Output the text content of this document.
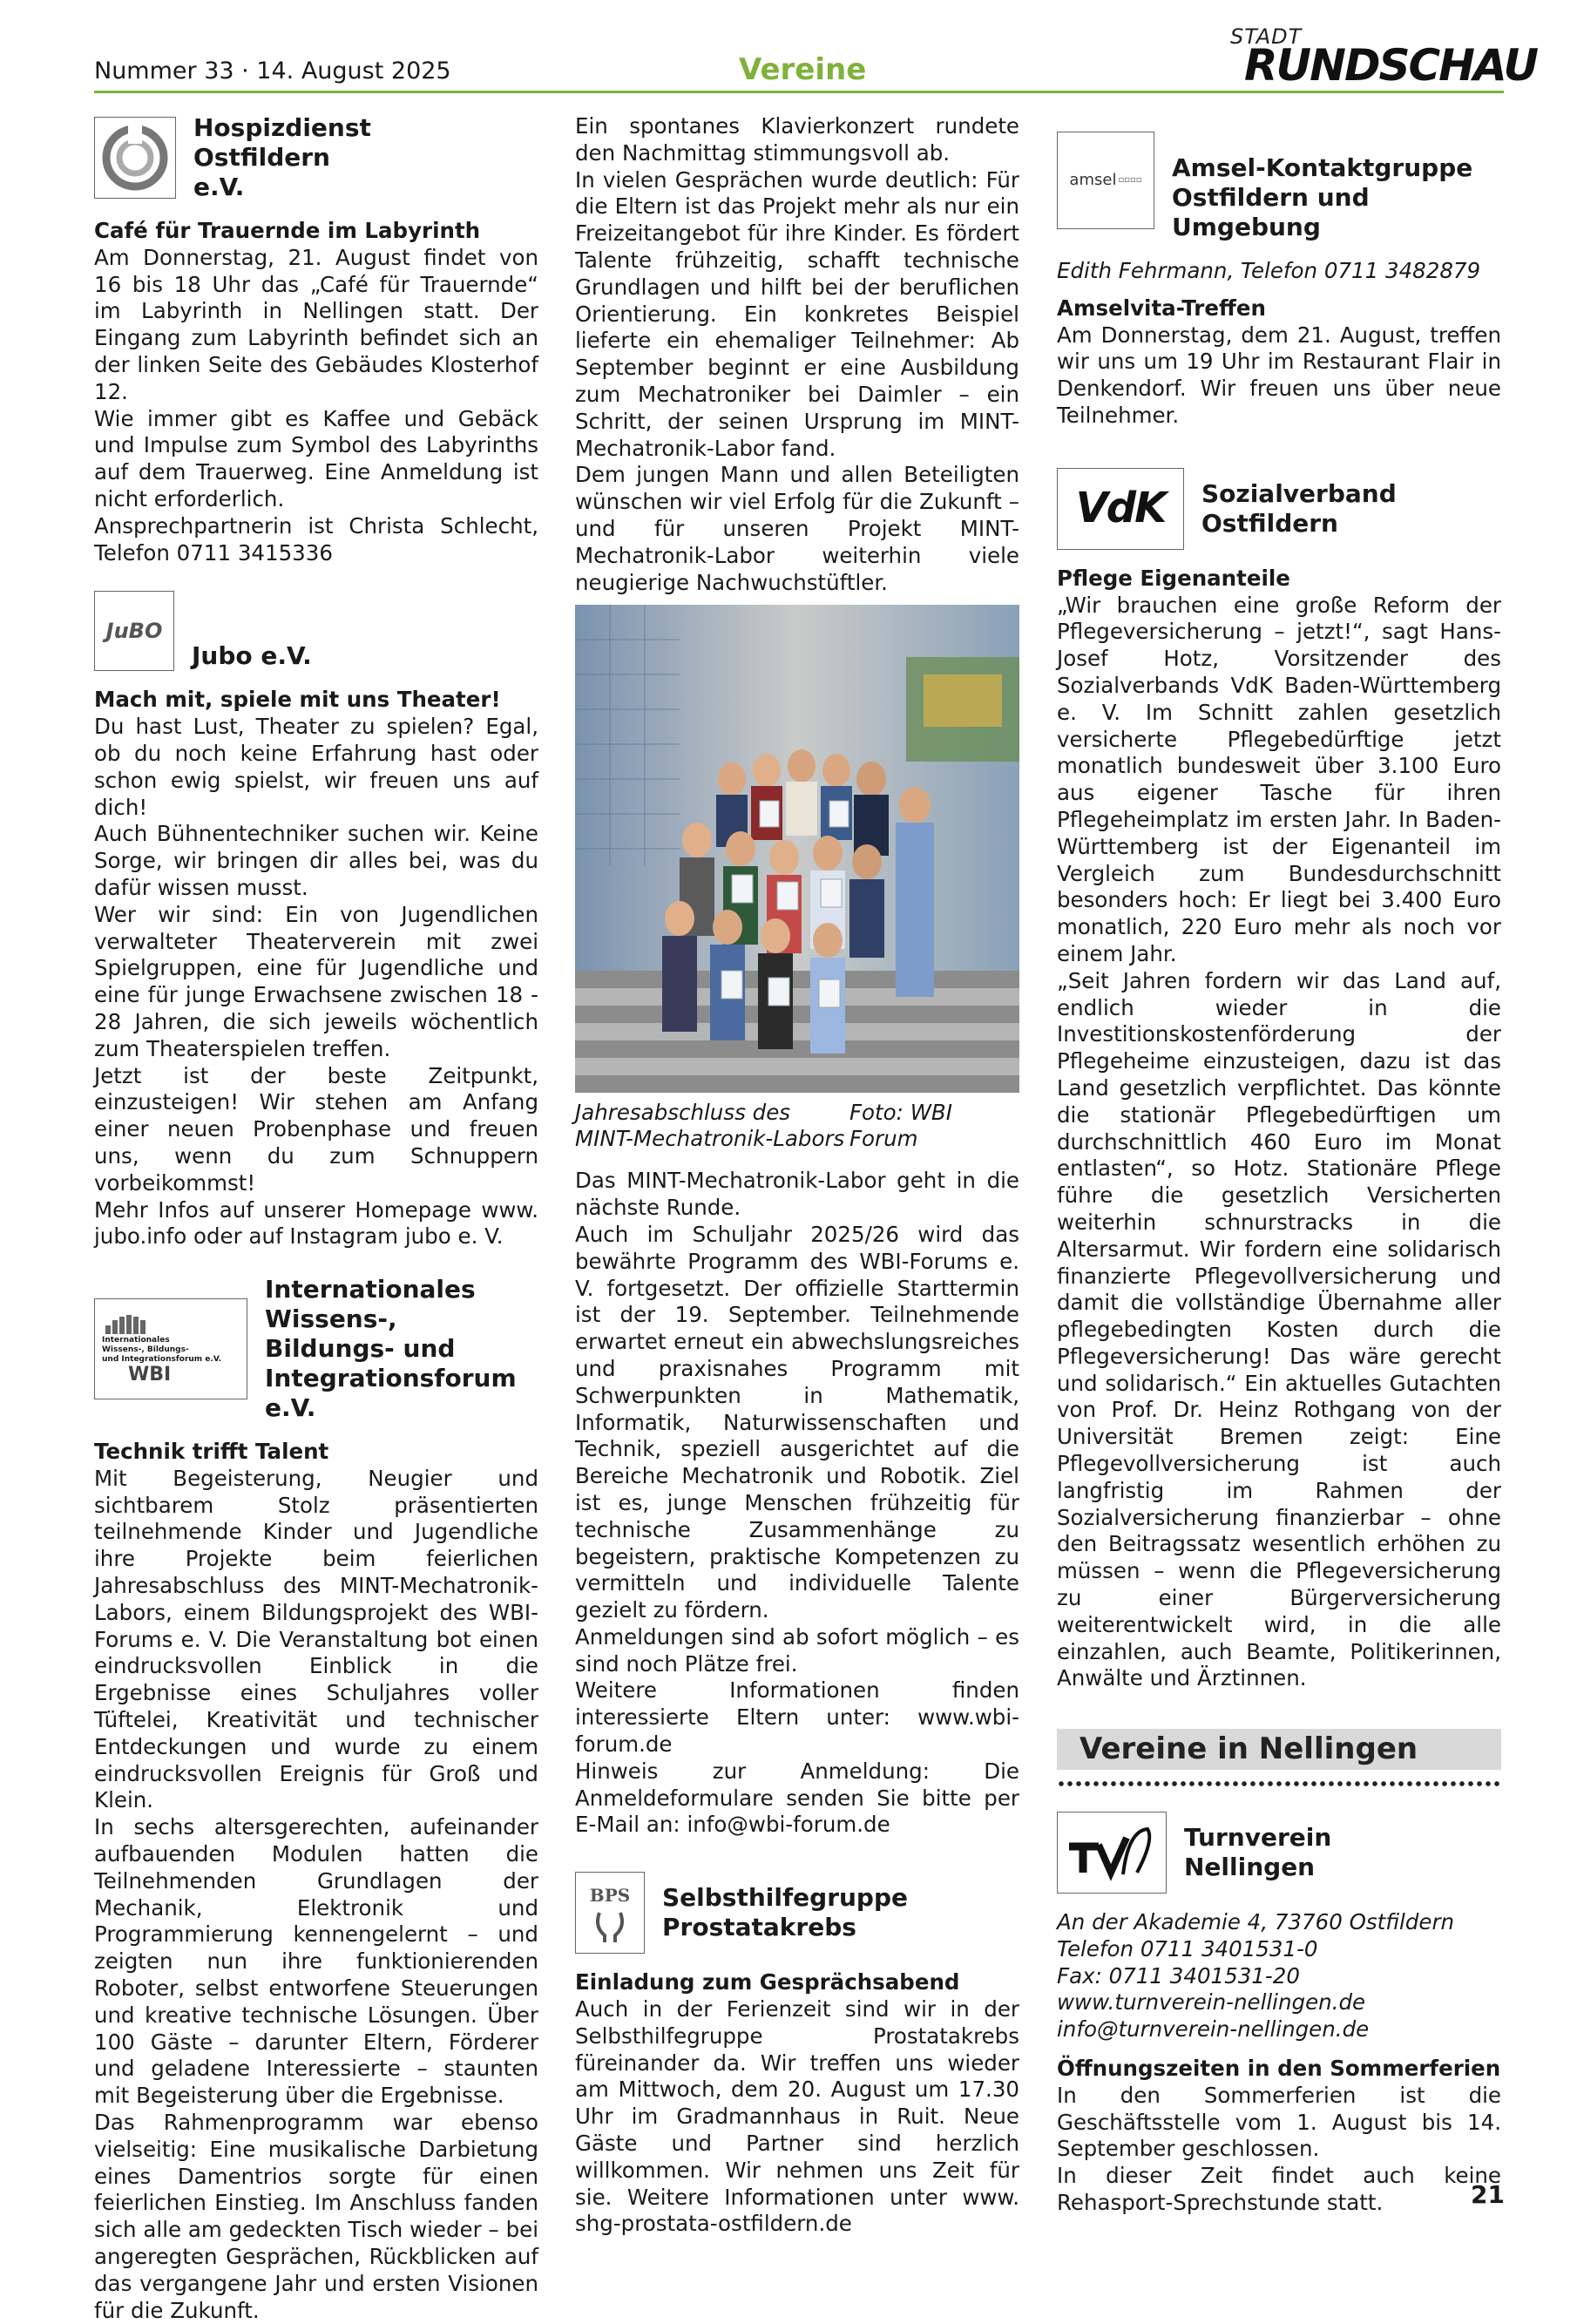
Nummer 33 · 14. August 2025	Vereine
STADT
RUNDSCHAU
Hospizdienst Ostfildern e.V.
Café für Trauernde im Labyrinth

Am Donnerstag, 21. August findet von 16 bis 18 Uhr das „Café für Trauernde“ im Labyrinth in Nellingen statt. Der Eingang zum Labyrinth befindet sich an der linken Seite des Gebäudes Klosterhof 12.

Wie immer gibt es Kaffee und Gebäck und Impulse zum Symbol des Labyrinths auf dem Trauerweg. Eine Anmeldung ist nicht erforderlich.

Ansprechpartnerin ist Christa Schlecht, Telefon 0711 3415336

JuBO
Jubo e.V.
Mach mit, spiele mit uns Theater!

Du hast Lust, Theater zu spielen? Egal, ob du noch keine Erfahrung hast oder schon ewig spielst, wir freuen uns auf dich!

Auch Bühnentechniker suchen wir. Keine Sorge, wir bringen dir alles bei, was du dafür wissen musst.

Wer wir sind: Ein von Jugendlichen verwalteter Theaterverein mit zwei Spielgruppen, eine für Jugendliche und eine für junge Erwachsene zwischen 18 - 28 Jahren, die sich jeweils wöchentlich zum Theaterspielen treffen.

Jetzt ist der beste Zeitpunkt, einzusteigen! Wir stehen am Anfang einer neuen Probenphase und freuen uns, wenn du zum Schnuppern vorbeikommst!

Mehr Infos auf unserer Homepage www. jubo.info oder auf Instagram jubo e. V.

Internationales
Wissens-, Bildungs-
und Integrationsforum e.V.
WBI
Internationales Wissens-, Bildungs- und Integrationsforum e.V.
Technik trifft Talent

Mit Begeisterung, Neugier und sichtbarem Stolz präsentierten teilnehmende Kinder und Jugendliche ihre Projekte beim feierlichen Jahresabschluss des MINT-Mechatronik-Labors, einem Bildungsprojekt des WBI-Forums e. V. Die Veranstaltung bot einen eindrucksvollen Einblick in die Ergebnisse eines Schuljahres voller Tüftelei, Kreativität und technischer Entdeckungen und wurde zu einem eindrucksvollen Ereignis für Groß und Klein.

In sechs altersgerechten, aufeinander aufbauenden Modulen hatten die Teilnehmenden Grundlagen der Mechanik, Elektronik und Programmierung kennengelernt – und zeigten nun ihre funktionierenden Roboter, selbst entworfene Steuerungen und kreative technische Lösungen. Über 100 Gäste – darunter Eltern, Förderer und geladene Interessierte – staunten mit Begeisterung über die Ergebnisse.

Das Rahmenprogramm war ebenso vielseitig: Eine musikalische Darbietung eines Damentrios sorgte für einen feierlichen Einstieg. Im Anschluss fanden sich alle am gedeckten Tisch wieder – bei angeregten Gesprächen, Rückblicken auf das vergangene Jahr und ersten Visionen für die Zukunft.

Ein spontanes Klavierkonzert rundete den Nachmittag stimmungsvoll ab.

In vielen Gesprächen wurde deutlich: Für die Eltern ist das Projekt mehr als nur ein Freizeitangebot für ihre Kinder. Es fördert Talente frühzeitig, schafft technische Grundlagen und hilft bei der beruflichen Orientierung. Ein konkretes Beispiel lieferte ein ehemaliger Teilnehmer: Ab September beginnt er eine Ausbildung zum Mechatroniker bei Daimler – ein Schritt, der seinen Ursprung im MINT-Mechatronik-Labor fand.

Dem jungen Mann und allen Beteiligten wünschen wir viel Erfolg für die Zukunft – und für unseren Projekt MINT-Mechatronik-Labor weiterhin viele neugierige Nachwuchstüftler.

Jahresabschluss des MINT-Mechatronik-Labors
Foto: WBI Forum

Das MINT-Mechatronik-Labor geht in die nächste Runde.

Auch im Schuljahr 2025/26 wird das bewährte Programm des WBI-Forums e. V. fortgesetzt. Der offizielle Starttermin ist der 19. September. Teilnehmende erwartet erneut ein abwechslungsreiches und praxisnahes Programm mit Schwerpunkten in Mathematik, Informatik, Naturwissenschaften und Technik, speziell ausgerichtet auf die Bereiche Mechatronik und Robotik. Ziel ist es, junge Menschen frühzeitig für technische Zusammenhänge zu begeistern, praktische Kompetenzen zu vermitteln und individuelle Talente gezielt zu fördern.

Anmeldungen sind ab sofort möglich – es sind noch Plätze frei.

Weitere Informationen finden interessierte Eltern unter: www.wbi-forum.de

Hinweis zur Anmeldung: Die Anmeldeformulare senden Sie bitte per E-Mail an: info@wbi-forum.de

BPS Selbsthilfegruppe Prostatakrebs
Einladung zum Gesprächsabend

Auch in der Ferienzeit sind wir in der Selbsthilfegruppe Prostatakrebs füreinander da. Wir treffen uns wieder am Mittwoch, dem 20. August um 17.30 Uhr im Gradmannhaus in Ruit. Neue Gäste und Partner sind herzlich willkommen. Wir nehmen uns Zeit für sie. Weitere Informationen unter www. shg-prostata-ostfildern.de

amsel ▫▫▫▫ Amsel-Kontaktgruppe Ostfildern und Umgebung

Edith Fehrmann, Telefon 0711 3482879

Amselvita-Treffen

Am Donnerstag, dem 21. August, treffen wir uns um 19 Uhr im Restaurant Flair in Denkendorf. Wir freuen uns über neue Teilnehmer.

VdK Sozialverband Ostfildern
Pflege Eigenanteile

„Wir brauchen eine große Reform der Pflegeversicherung – jetzt!“, sagt Hans-Josef Hotz, Vorsitzender des Sozialverbands VdK Baden-Württemberg e. V. Im Schnitt zahlen gesetzlich versicherte Pflegebedürftige jetzt monatlich bundesweit über 3.100 Euro aus eigener Tasche für ihren Pflegeheimplatz im ersten Jahr. In Baden-Württemberg ist der Eigenanteil im Vergleich zum Bundesdurchschnitt besonders hoch: Er liegt bei 3.400 Euro monatlich, 220 Euro mehr als noch vor einem Jahr.

„Seit Jahren fordern wir das Land auf, endlich wieder in die Investitionskostenförderung der Pflegeheime einzusteigen, dazu ist das Land gesetzlich verpflichtet. Das könnte die stationär Pflegebedürftigen um durchschnittlich 460 Euro im Monat entlasten“, so Hotz. Stationäre Pflege führe die gesetzlich Versicherten weiterhin schnurstracks in die Altersarmut. Wir fordern eine solidarisch finanzierte Pflegevollversicherung und damit die vollständige Übernahme aller pflegebedingten Kosten durch die Pflegeversicherung! Das wäre gerecht und solidarisch.“ Ein aktuelles Gutachten von Prof. Dr. Heinz Rothgang von der Universität Bremen zeigt: Eine Pflegevollversicherung ist auch langfristig im Rahmen der Sozialversicherung finanzierbar – ohne den Beitragssatz wesentlich erhöhen zu müssen – wenn die Pflegeversicherung zu einer Bürgerversicherung weiterentwickelt wird, in die alle einzahlen, auch Beamte, Politikerinnen, Anwälte und Ärztinnen.

Vereine in Nellingen
Turnverein Nellingen

An der Akademie 4, 73760 Ostfildern

Telefon 0711 3401531-0

Fax: 0711 3401531-20

www.turnverein-nellingen.de

info@turnverein-nellingen.de

Öffnungszeiten in den Sommerferien

In den Sommerferien ist die Geschäftsstelle vom 1. August bis 14. September geschlossen.

In dieser Zeit findet auch keine Rehasport-Sprechstunde statt.	21
